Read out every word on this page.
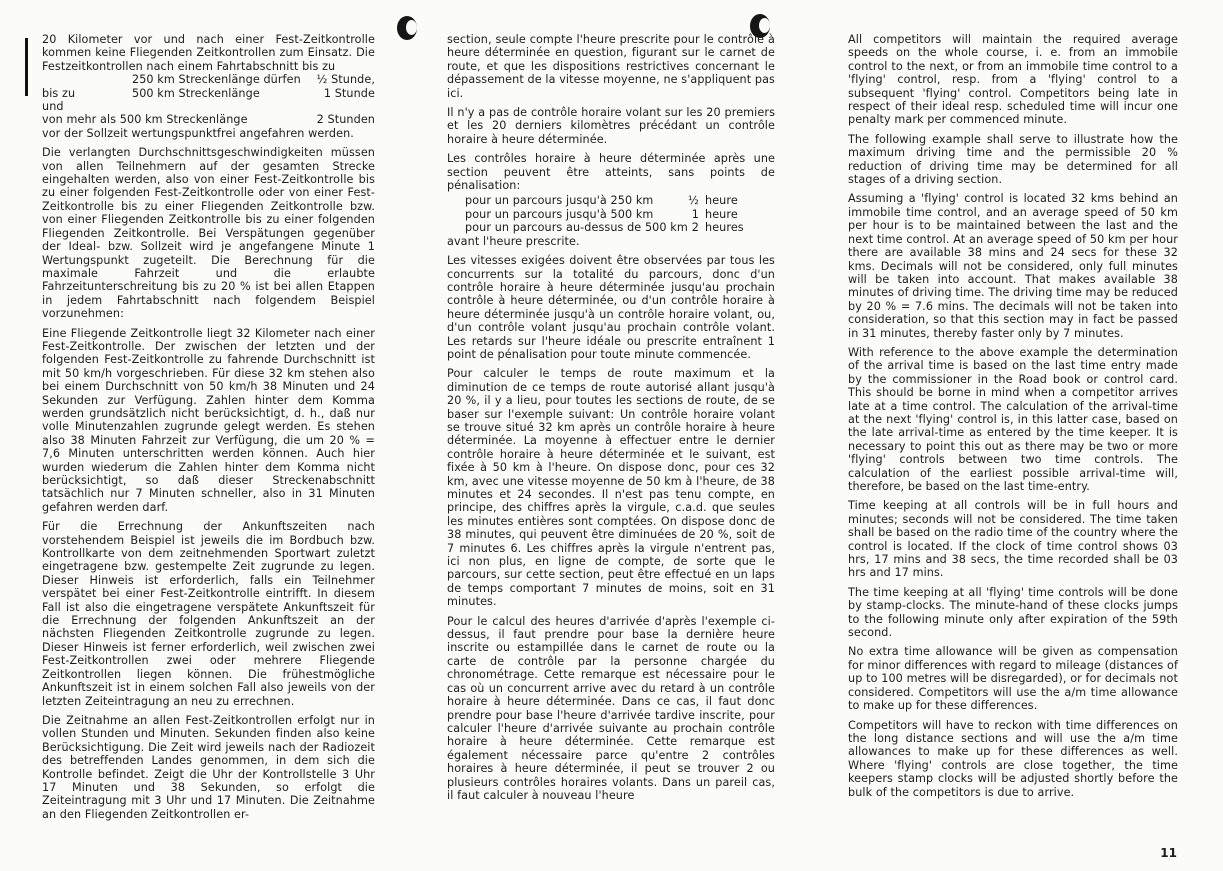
20 Kilometer vor und nach einer Fest-Zeitkontrolle kommen keine Fliegenden Zeitkontrollen zum Einsatz. Die Festzeitkontrollen nach einem Fahrtabschnitt bis zu

250 km Streckenlänge dürfen	½ Stunde,
bis zu	500 km Streckenlänge	1 Stunde
und
von mehr als 500 km Streckenlänge	2 Stunden

vor der Sollzeit wertungspunktfrei angefahren werden.

Die verlangten Durchschnittsgeschwindigkeiten müssen von allen Teilnehmern auf der gesamten Strecke eingehalten werden, also von einer Fest-Zeitkontrolle bis zu einer folgenden Fest-Zeitkontrolle oder von einer Fest-Zeitkontrolle bis zu einer Fliegenden Zeitkontrolle bzw. von einer Fliegenden Zeitkontrolle bis zu einer folgenden Fliegenden Zeitkontrolle. Bei Verspätungen gegenüber der Ideal- bzw. Sollzeit wird je angefangene Minute 1 Wertungspunkt zugeteilt. Die Berechnung für die maximale Fahrzeit und die erlaubte Fahrzeitunterschreitung bis zu 20 % ist bei allen Etappen in jedem Fahrtabschnitt nach folgendem Beispiel vorzunehmen:

Eine Fliegende Zeitkontrolle liegt 32 Kilometer nach einer Fest-Zeitkontrolle. Der zwischen der letzten und der folgenden Fest-Zeitkontrolle zu fahrende Durchschnitt ist mit 50 km/h vorgeschrieben. Für diese 32 km stehen also bei einem Durchschnitt von 50 km/h 38 Minuten und 24 Sekunden zur Verfügung. Zahlen hinter dem Komma werden grundsätzlich nicht berücksichtigt, d. h., daß nur volle Minutenzahlen zugrunde gelegt werden. Es stehen also 38 Minuten Fahrzeit zur Verfügung, die um 20 % = 7,6 Minuten unterschritten werden können. Auch hier wurden wiederum die Zahlen hinter dem Komma nicht berücksichtigt, so daß dieser Streckenabschnitt tatsächlich nur 7 Minuten schneller, also in 31 Minuten gefahren werden darf.

Für die Errechnung der Ankunftszeiten nach vorstehendem Beispiel ist jeweils die im Bordbuch bzw. Kontrollkarte von dem zeitnehmenden Sportwart zuletzt eingetragene bzw. gestempelte Zeit zugrunde zu legen. Dieser Hinweis ist erforderlich, falls ein Teilnehmer verspätet bei einer Fest-Zeitkontrolle eintrifft. In diesem Fall ist also die eingetragene verspätete Ankunftszeit für die Errechnung der folgenden Ankunftszeit an der nächsten Fliegenden Zeitkontrolle zugrunde zu legen. Dieser Hinweis ist ferner erforderlich, weil zwischen zwei Fest-Zeitkontrollen zwei oder mehrere Fliegende Zeitkontrollen liegen können. Die frühestmögliche Ankunftszeit ist in einem solchen Fall also jeweils von der letzten Zeiteintragung an neu zu errechnen.

Die Zeitnahme an allen Fest-Zeitkontrollen erfolgt nur in vollen Stunden und Minuten. Sekunden finden also keine Berücksichtigung. Die Zeit wird jeweils nach der Radiozeit des betreffenden Landes genommen, in dem sich die Kontrolle befindet. Zeigt die Uhr der Kontrollstelle 3 Uhr 17 Minuten und 38 Sekunden, so erfolgt die Zeiteintragung mit 3 Uhr und 17 Minuten. Die Zeitnahme an den Fliegenden Zeitkontrollen er-

section, seule compte l'heure prescrite pour le contrôle à heure déterminée en question, figurant sur le carnet de route, et que les dispositions restrictives concernant le dépassement de la vitesse moyenne, ne s'appliquent pas ici.

Il n'y a pas de contrôle horaire volant sur les 20 premiers et les 20 derniers kilomètres précédant un contrôle horaire à heure déterminée.

Les contrôles horaire à heure déterminée après une section peuvent être atteints, sans points de pénalisation:

pour un parcours jusqu'à 250 km	½ heure
pour un parcours jusqu'à 500 km	1 heure
pour un parcours au-dessus de 500 km 2 heures

avant l'heure prescrite.

Les vitesses exigées doivent être observées par tous les concurrents sur la totalité du parcours, donc d'un contrôle horaire à heure déterminée jusqu'au prochain contrôle à heure déterminée, ou d'un contrôle horaire à heure déterminée jusqu'à un contrôle horaire volant, ou, d'un contrôle volant jusqu'au prochain contrôle volant. Les retards sur l'heure idéale ou prescrite entraînent 1 point de pénalisation pour toute minute commencée.

Pour calculer le temps de route maximum et la diminution de ce temps de route autorisé allant jusqu'à 20 %, il y a lieu, pour toutes les sections de route, de se baser sur l'exemple suivant: Un contrôle horaire volant se trouve situé 32 km après un contrôle horaire à heure déterminée. La moyenne à effectuer entre le dernier contrôle horaire à heure déterminée et le suivant, est fixée à 50 km à l'heure. On dispose donc, pour ces 32 km, avec une vitesse moyenne de 50 km à l'heure, de 38 minutes et 24 secondes. Il n'est pas tenu compte, en principe, des chiffres après la virgule, c.a.d. que seules les minutes entières sont comptées. On dispose donc de 38 minutes, qui peuvent être diminuées de 20 %, soit de 7 minutes 6. Les chiffres après la virgule n'entrent pas, ici non plus, en ligne de compte, de sorte que le parcours, sur cette section, peut être effectué en un laps de temps comportant 7 minutes de moins, soit en 31 minutes.

Pour le calcul des heures d'arrivée d'après l'exemple ci-dessus, il faut prendre pour base la dernière heure inscrite ou estampillée dans le carnet de route ou la carte de contrôle par la personne chargée du chronométrage. Cette remarque est nécessaire pour le cas où un concurrent arrive avec du retard à un contrôle horaire à heure déterminée. Dans ce cas, il faut donc prendre pour base l'heure d'arrivée tardive inscrite, pour calculer l'heure d'arrivée suivante au prochain contrôle horaire à heure déterminée. Cette remarque est également nécessaire parce qu'entre 2 contrôles horaires à heure déterminée, il peut se trouver 2 ou plusieurs contrôles horaires volants. Dans un pareil cas, il faut calculer à nouveau l'heure

All competitors will maintain the required average speeds on the whole course, i. e. from an immobile control to the next, or from an immobile time control to a 'flying' control, resp. from a 'flying' control to a subsequent 'flying' control. Competitors being late in respect of their ideal resp. scheduled time will incur one penalty mark per commenced minute.

The following example shall serve to illustrate how the maximum driving time and the permissible 20 % reduction of driving time may be determined for all stages of a driving section.

Assuming a 'flying' control is located 32 kms behind an immobile time control, and an average speed of 50 km per hour is to be maintained between the last and the next time control. At an average speed of 50 km per hour there are available 38 mins and 24 secs for these 32 kms. Decimals will not be considered, only full minutes will be taken into account. That makes available 38 minutes of driving time. The driving time may be reduced by 20 % = 7.6 mins. The decimals will not be taken into consideration, so that this section may in fact be passed in 31 minutes, thereby faster only by 7 minutes.

With reference to the above example the determination of the arrival time is based on the last time entry made by the commissioner in the Road book or control card. This should be borne in mind when a competitor arrives late at a time control. The calculation of the arrival-time at the next 'flying' control is, in this latter case, based on the late arrival-time as entered by the time keeper. It is necessary to point this out as there may be two or more 'flying' controls between two time controls. The calculation of the earliest possible arrival-time will, therefore, be based on the last time-entry.

Time keeping at all controls will be in full hours and minutes; seconds will not be considered. The time taken shall be based on the radio time of the country where the control is located. If the clock of time control shows 03 hrs, 17 mins and 38 secs, the time recorded shall be 03 hrs and 17 mins.

The time keeping at all 'flying' time controls will be done by stamp-clocks. The minute-hand of these clocks jumps to the following minute only after expiration of the 59th second.

No extra time allowance will be given as compensation for minor differences with regard to mileage (distances of up to 100 metres will be disregarded), or for decimals not considered. Competitors will use the a/m time allowance to make up for these differences.

Competitors will have to reckon with time differences on the long distance sections and will use the a/m time allowances to make up for these differences as well. Where 'flying' controls are close together, the time keepers stamp clocks will be adjusted shortly before the bulk of the competitors is due to arrive.

11
